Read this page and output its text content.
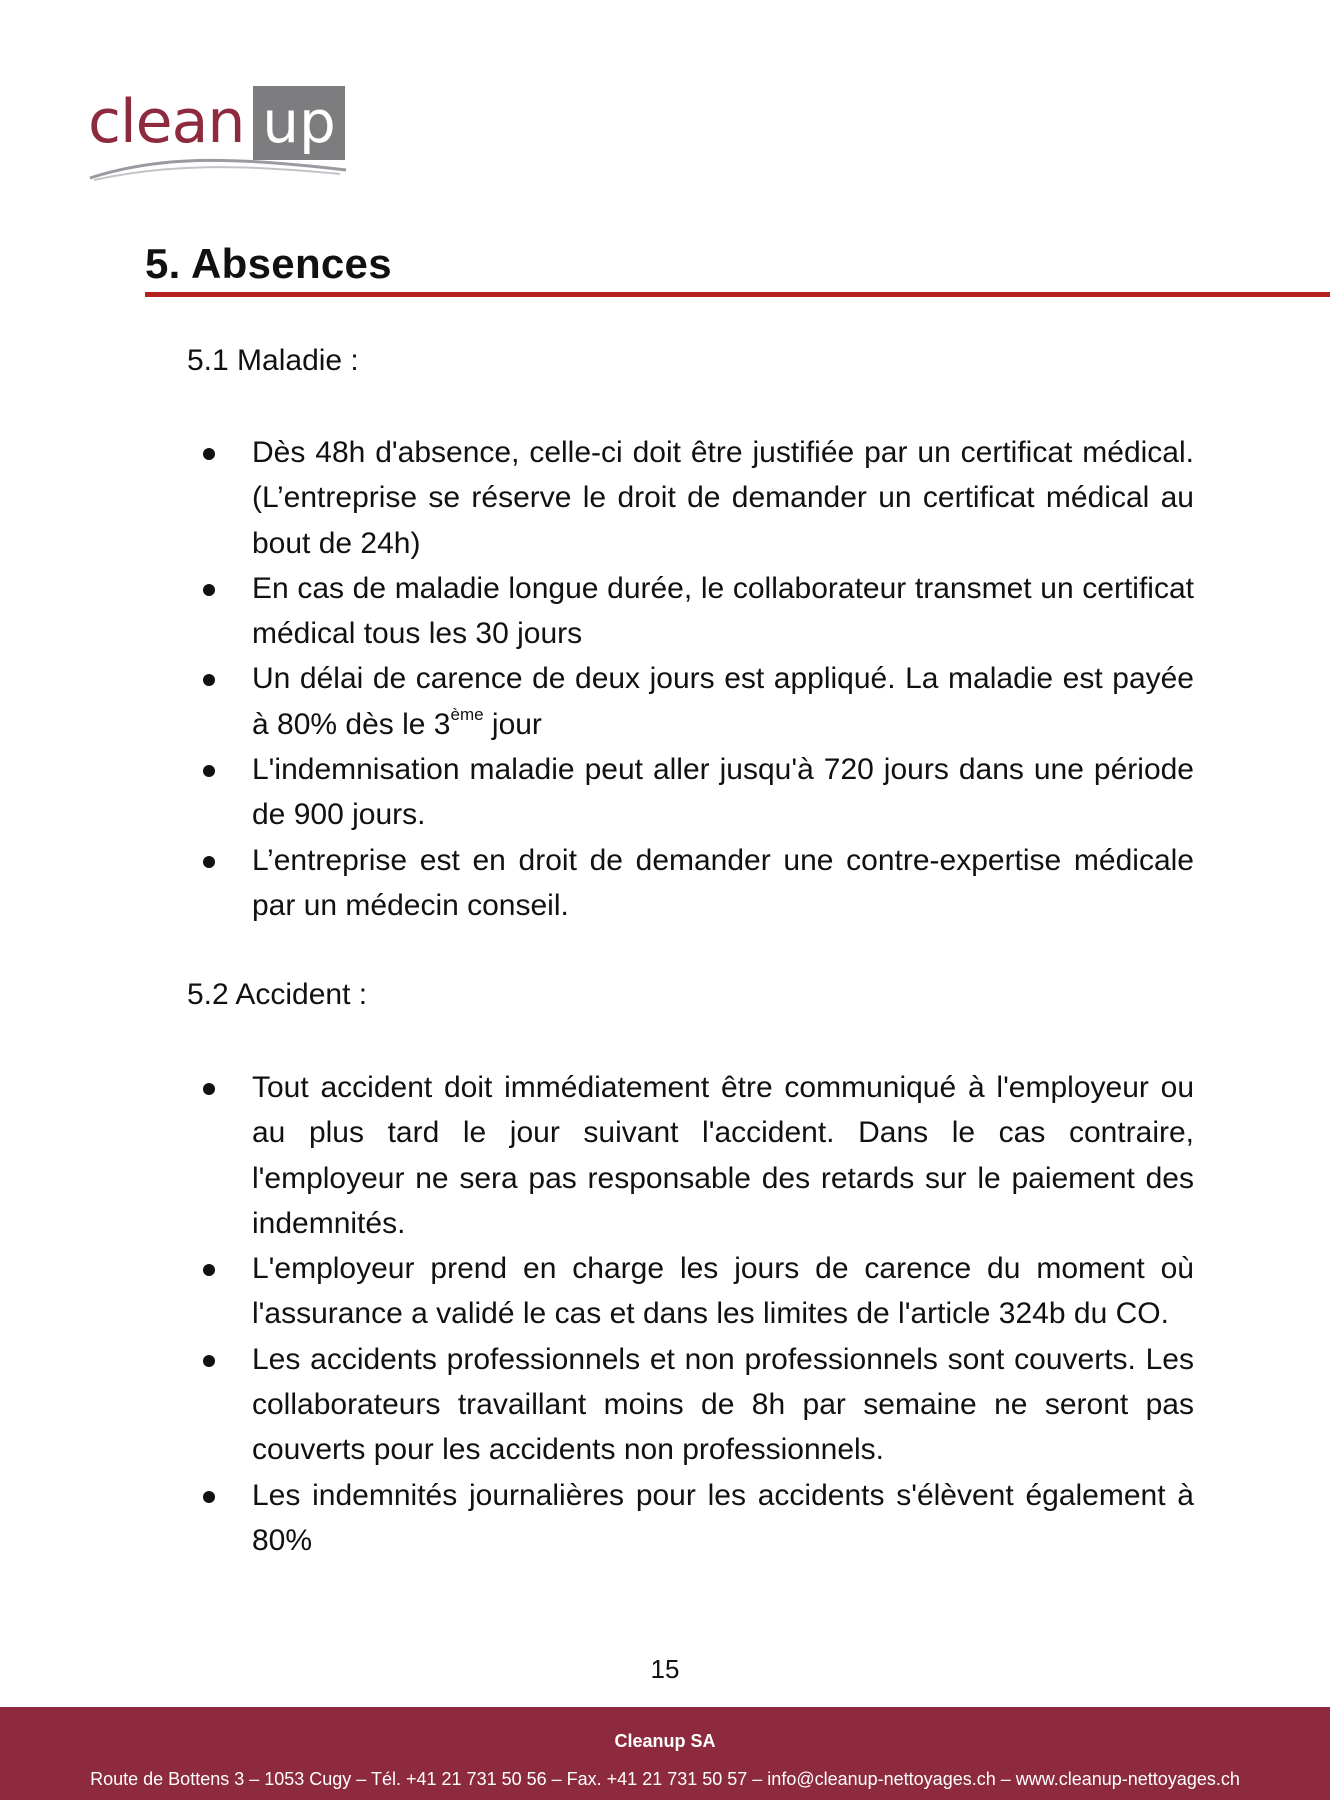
clean up
5. Absences
5.1 Maladie :
Dès 48h d'absence, celle-ci doit être justifiée par un certificat médical. (L’entreprise se réserve le droit de demander un certificat médical au bout de 24h)
En cas de maladie longue durée, le collaborateur transmet un certificat médical tous les 30 jours
Un délai de carence de deux jours est appliqué. La maladie est payée à 80% dès le 3ème jour
L'indemnisation maladie peut aller jusqu'à 720 jours dans une période de 900 jours.
L’entreprise est en droit de demander une contre-expertise médicale par un médecin conseil.
5.2 Accident :
Tout accident doit immédiatement être communiqué à l'employeur ou au plus tard le jour suivant l'accident. Dans le cas contraire, l'employeur ne sera pas responsable des retards sur le paiement des indemnités.
L'employeur prend en charge les jours de carence du moment où l'assurance a validé le cas et dans les limites de l'article 324b du CO.
Les accidents professionnels et non professionnels sont couverts. Les collaborateurs travaillant moins de 8h par semaine ne seront pas couverts pour les accidents non professionnels.
Les indemnités journalières pour les accidents s'élèvent également à 80%
15
Cleanup SA
Route de Bottens 3 – 1053 Cugy – Tél. +41 21 731 50 56 – Fax. +41 21 731 50 57 – info@cleanup-nettoyages.ch – www.cleanup-nettoyages.ch
